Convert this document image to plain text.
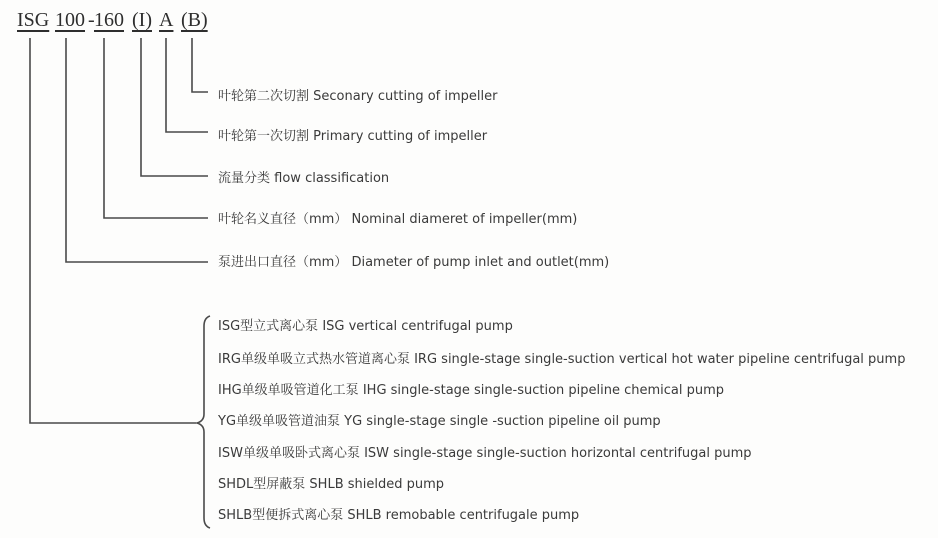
ISG 100 - 160 (I) A (B)
叶轮第二次切割 Seconary cutting of impeller
叶轮第一次切割 Primary cutting of impeller
流量分类 flow classification
叶轮名义直径（mm） Nominal diameret of impeller(mm)
泵进出口直径（mm） Diameter of pump inlet and outlet(mm)
ISG型立式离心泵 ISG vertical centrifugal pump
IRG单级单吸立式热水管道离心泵 IRG single-stage single-suction vertical hot water pipeline centrifugal pump
IHG单级单吸管道化工泵 IHG single-stage single-suction pipeline chemical pump
YG单级单吸管道油泵 YG single-stage single -suction pipeline oil pump
ISW单级单吸卧式离心泵 ISW single-stage single-suction horizontal centrifugal pump
SHDL型屏蔽泵 SHLB shielded pump
SHLB型便拆式离心泵 SHLB remobable centrifugale pump
